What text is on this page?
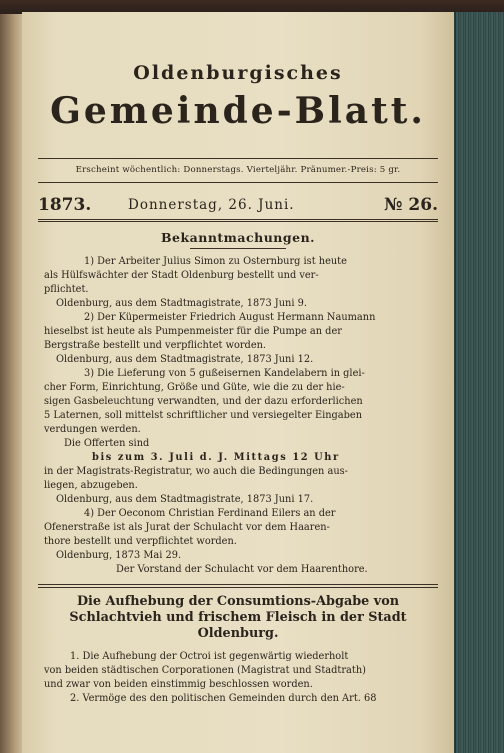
Oldenburgisches
Gemeinde-Blatt.
Erscheint wöchentlich: Donnerstags. Vierteljähr. Pränumer.-Preis: 5 gr.
1873.	Donnerstag, 26. Juni.	№ 26.
Bekanntmachungen.
1) Der Arbeiter Julius Simon zu Osternburg ist heute
als Hülfswächter der Stadt Oldenburg bestellt und ver-
pflichtet.
Oldenburg, aus dem Stadtmagistrate, 1873 Juni 9.
2) Der Küpermeister Friedrich August Hermann Naumann
hieselbst ist heute als Pumpenmeister für die Pumpe an der
Bergstraße bestellt und verpflichtet worden.
Oldenburg, aus dem Stadtmagistrate, 1873 Juni 12.
3) Die Lieferung von 5 gußeisernen Kandelabern in glei-
cher Form, Einrichtung, Größe und Güte, wie die zu der hie-
sigen Gasbeleuchtung verwandten, und der dazu erforderlichen
5 Laternen, soll mittelst schriftlicher und versiegelter Eingaben
verdungen werden.
Die Offerten sind
bis zum 3. Juli d. J. Mittags 12 Uhr
in der Magistrats-Registratur, wo auch die Bedingungen aus-
liegen, abzugeben.
Oldenburg, aus dem Stadtmagistrate, 1873 Juni 17.
4) Der Oeconom Christian Ferdinand Eilers an der
Ofenerstraße ist als Jurat der Schulacht vor dem Haaren-
thore bestellt und verpflichtet worden.
Oldenburg, 1873 Mai 29.
Der Vorstand der Schulacht vor dem Haarenthore.
Die Aufhebung der Consumtions-Abgabe von
Schlachtvieh und frischem Fleisch in der Stadt
Oldenburg.
1. Die Aufhebung der Octroi ist gegenwärtig wiederholt
von beiden städtischen Corporationen (Magistrat und Stadtrath)
und zwar von beiden einstimmig beschlossen worden.
2. Vermöge des den politischen Gemeinden durch den Art. 68
